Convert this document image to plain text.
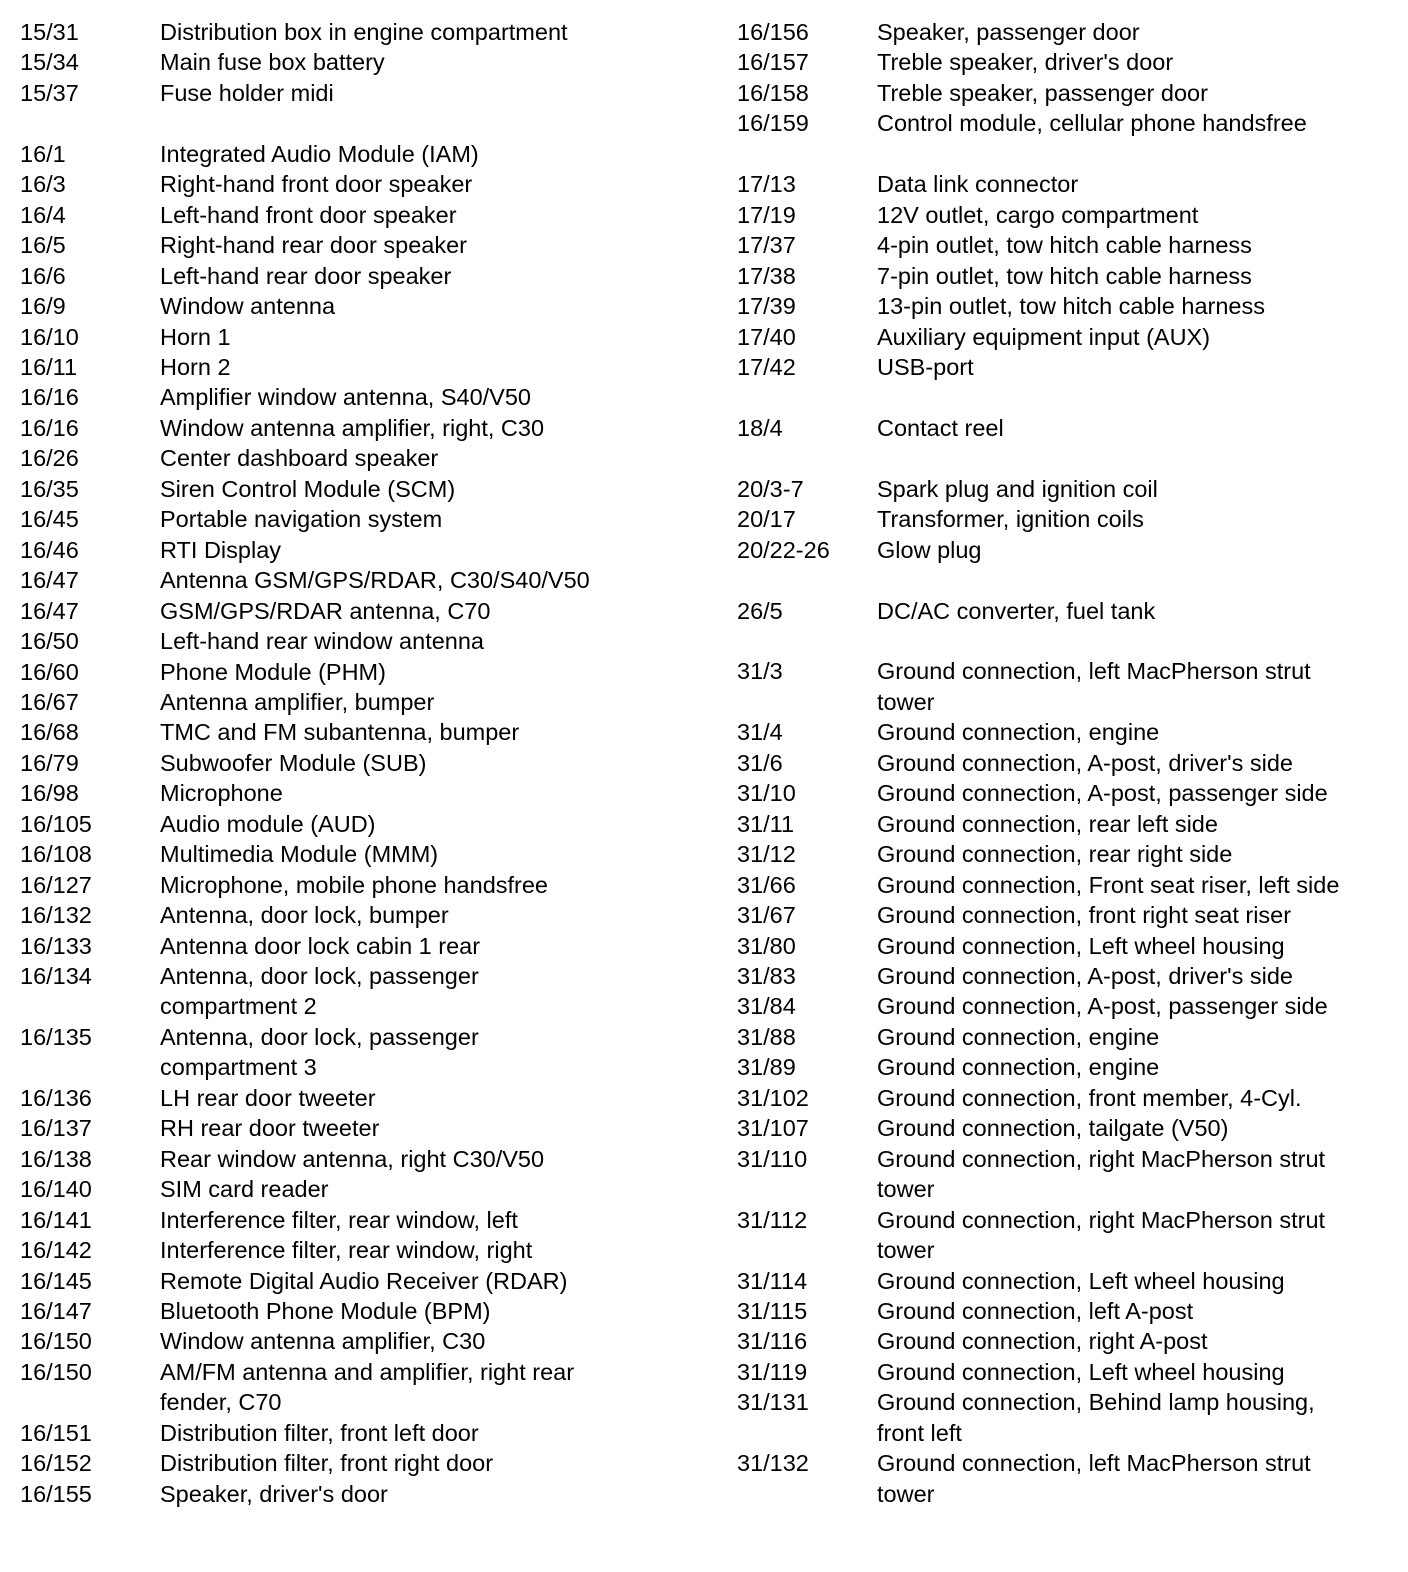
15/31	Distribution box in engine compartment
15/34	Main fuse box battery
15/37	Fuse holder midi
16/1	Integrated Audio Module (IAM)
16/3	Right-hand front door speaker
16/4	Left-hand front door speaker
16/5	Right-hand rear door speaker
16/6	Left-hand rear door speaker
16/9	Window antenna
16/10	Horn 1
16/11	Horn 2
16/16	Amplifier window antenna, S40/V50
16/16	Window antenna amplifier, right, C30
16/26	Center dashboard speaker
16/35	Siren Control Module (SCM)
16/45	Portable navigation system
16/46	RTI Display
16/47	Antenna GSM/GPS/RDAR, C30/S40/V50
16/47	GSM/GPS/RDAR antenna, C70
16/50	Left-hand rear window antenna
16/60	Phone Module (PHM)
16/67	Antenna amplifier, bumper
16/68	TMC and FM subantenna, bumper
16/79	Subwoofer Module (SUB)
16/98	Microphone
16/105	Audio module (AUD)
16/108	Multimedia Module (MMM)
16/127	Microphone, mobile phone handsfree
16/132	Antenna, door lock, bumper
16/133	Antenna door lock cabin 1 rear
16/134	Antenna, door lock, passenger
compartment 2
16/135	Antenna, door lock, passenger
compartment 3
16/136	LH rear door tweeter
16/137	RH rear door tweeter
16/138	Rear window antenna, right C30/V50
16/140	SIM card reader
16/141	Interference filter, rear window, left
16/142	Interference filter, rear window, right
16/145	Remote Digital Audio Receiver (RDAR)
16/147	Bluetooth Phone Module (BPM)
16/150	Window antenna amplifier, C30
16/150	AM/FM antenna and amplifier, right rear
fender, C70
16/151	Distribution filter, front left door
16/152	Distribution filter, front right door
16/155	Speaker, driver's door
16/156	Speaker, passenger door
16/157	Treble speaker, driver's door
16/158	Treble speaker, passenger door
16/159	Control module, cellular phone handsfree
17/13	Data link connector
17/19	12V outlet, cargo compartment
17/37	4-pin outlet, tow hitch cable harness
17/38	7-pin outlet, tow hitch cable harness
17/39	13-pin outlet, tow hitch cable harness
17/40	Auxiliary equipment input (AUX)
17/42	USB-port
18/4	Contact reel
20/3-7	Spark plug and ignition coil
20/17	Transformer, ignition coils
20/22-26	Glow plug
26/5	DC/AC converter, fuel tank
31/3	Ground connection, left MacPherson strut
tower
31/4	Ground connection, engine
31/6	Ground connection, A-post, driver's side
31/10	Ground connection, A-post, passenger side
31/11	Ground connection, rear left side
31/12	Ground connection, rear right side
31/66	Ground connection, Front seat riser, left side
31/67	Ground connection, front right seat riser
31/80	Ground connection, Left wheel housing
31/83	Ground connection, A-post, driver's side
31/84	Ground connection, A-post, passenger side
31/88	Ground connection, engine
31/89	Ground connection, engine
31/102	Ground connection, front member, 4-Cyl.
31/107	Ground connection, tailgate (V50)
31/110	Ground connection, right MacPherson strut
tower
31/112	Ground connection, right MacPherson strut
tower
31/114	Ground connection, Left wheel housing
31/115	Ground connection, left A-post
31/116	Ground connection, right A-post
31/119	Ground connection, Left wheel housing
31/131	Ground connection, Behind lamp housing,
front left
31/132	Ground connection, left MacPherson strut
tower
